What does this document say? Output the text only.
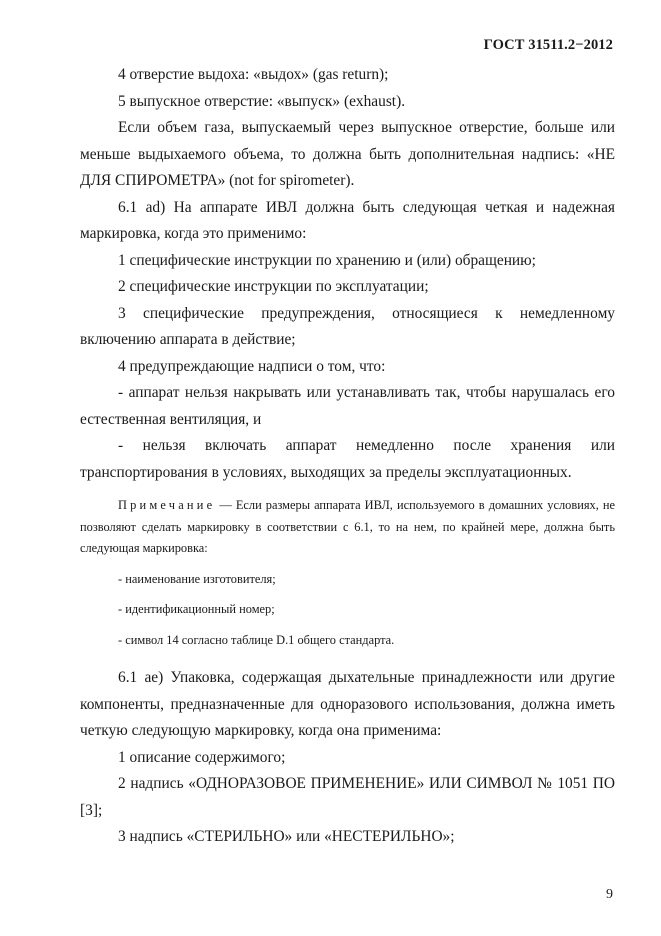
ГОСТ 31511.2−2012

4 отверстие выдоха: «выдох» (gas return);

5 выпускное отверстие: «выпуск» (exhaust).

Если объем газа, выпускаемый через выпускное отверстие, больше или меньше выдыхаемого объема, то должна быть дополнительная надпись: «НЕ ДЛЯ СПИРОМЕТРА» (not for spirometer).

6.1 ad) На аппарате ИВЛ должна быть следующая четкая и надежная маркировка, когда это применимо:

1 специфические инструкции по хранению и (или) обращению;

2 специфические инструкции по эксплуатации;

3 специфические предупреждения, относящиеся к немедленному включению аппарата в действие;

4 предупреждающие надписи о том, что:

- аппарат нельзя накрывать или устанавливать так, чтобы нарушалась его естественная вентиляция, и

- нельзя включать аппарат немедленно после хранения или транспортирования в условиях, выходящих за пределы эксплуатационных.

Примечание — Если размеры аппарата ИВЛ, используемого в домашних условиях, не позволяют сделать маркировку в соответствии с 6.1, то на нем, по крайней мере, должна быть следующая маркировка:

- наименование изготовителя;

- идентификационный номер;

- символ 14 согласно таблице D.1 общего стандарта.

6.1 ae) Упаковка, содержащая дыхательные принадлежности или другие компоненты, предназначенные для одноразового использования, должна иметь четкую следующую маркировку, когда она применима:

1 описание содержимого;

2 надпись «ОДНОРАЗОВОЕ ПРИМЕНЕНИЕ» ИЛИ СИМВОЛ № 1051 ПО [3];

3 надпись «СТЕРИЛЬНО» или «НЕСТЕРИЛЬНО»;

9
